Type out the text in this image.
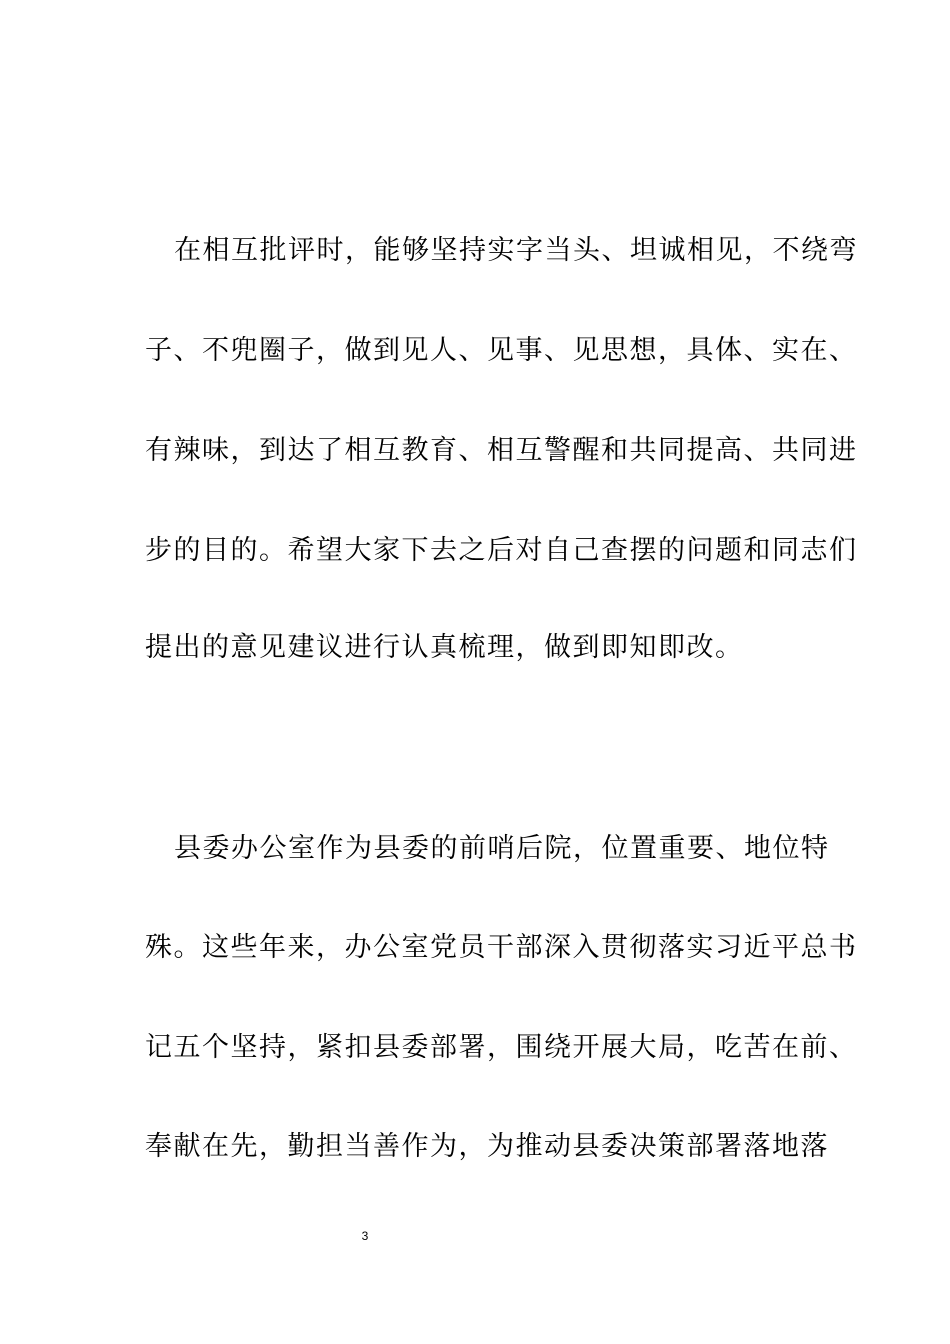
在相互批评时，能够坚持实字当头、坦诚相见，不绕弯
子、不兜圈子，做到见人、见事、见思想，具体、实在、
有辣味，到达了相互教育、相互警醒和共同提高、共同进
步的目的。希望大家下去之后对自己查摆的问题和同志们
提出的意见建议进行认真梳理，做到即知即改。
县委办公室作为县委的前哨后院，位置重要、地位特
殊。这些年来，办公室党员干部深入贯彻落实习近平总书
记五个坚持，紧扣县委部署，围绕开展大局，吃苦在前、
奉献在先，勤担当善作为，为推动县委决策部署落地落
3
